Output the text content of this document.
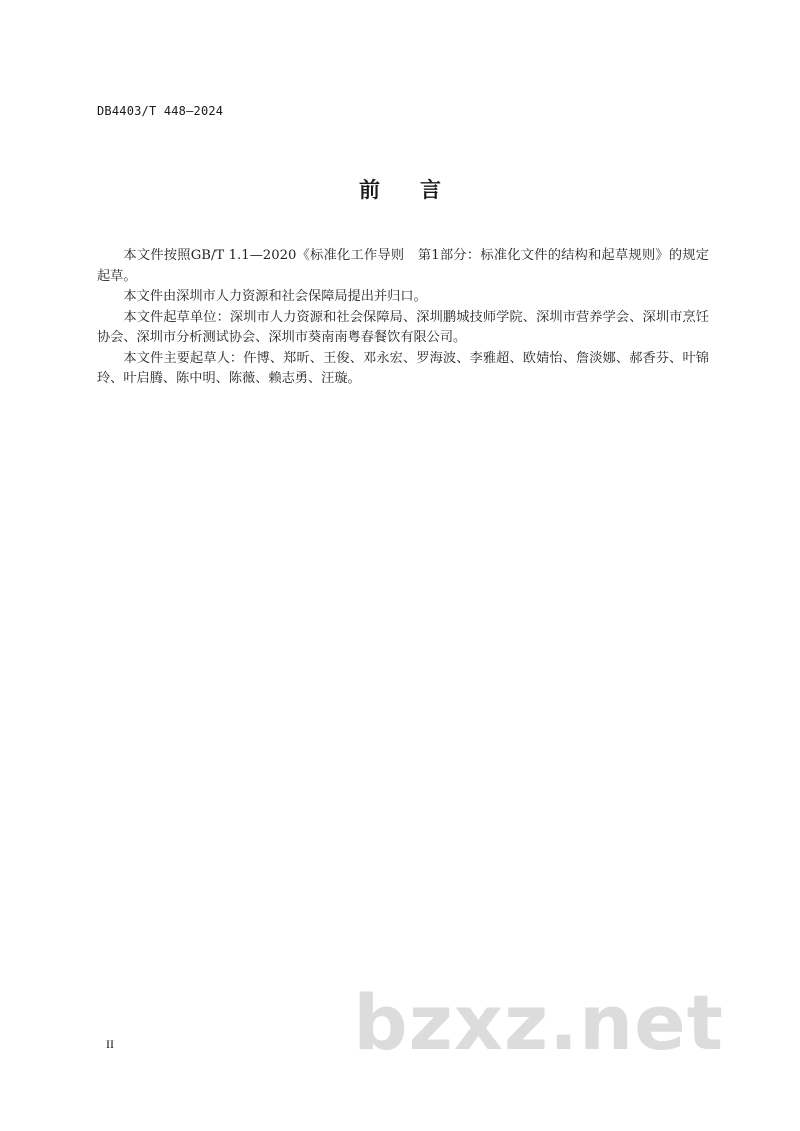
DB4403/T 448—2024
前言

本文件按照GB/T 1.1—2020《标准化工作导则　第1部分：标准化文件的结构和起草规则》的规定起草。

本文件由深圳市人力资源和社会保障局提出并归口。

本文件起草单位：深圳市人力资源和社会保障局、深圳鹏城技师学院、深圳市营养学会、深圳市烹饪协会、深圳市分析测试协会、深圳市葵南南粤春餐饮有限公司。

本文件主要起草人：仵博、郑昕、王俊、邓永宏、罗海波、李雅超、欧婧怡、詹淡娜、郝香芬、叶锦玲、叶启腾、陈中明、陈薇、赖志勇、汪璇。

II	bzxz.net
